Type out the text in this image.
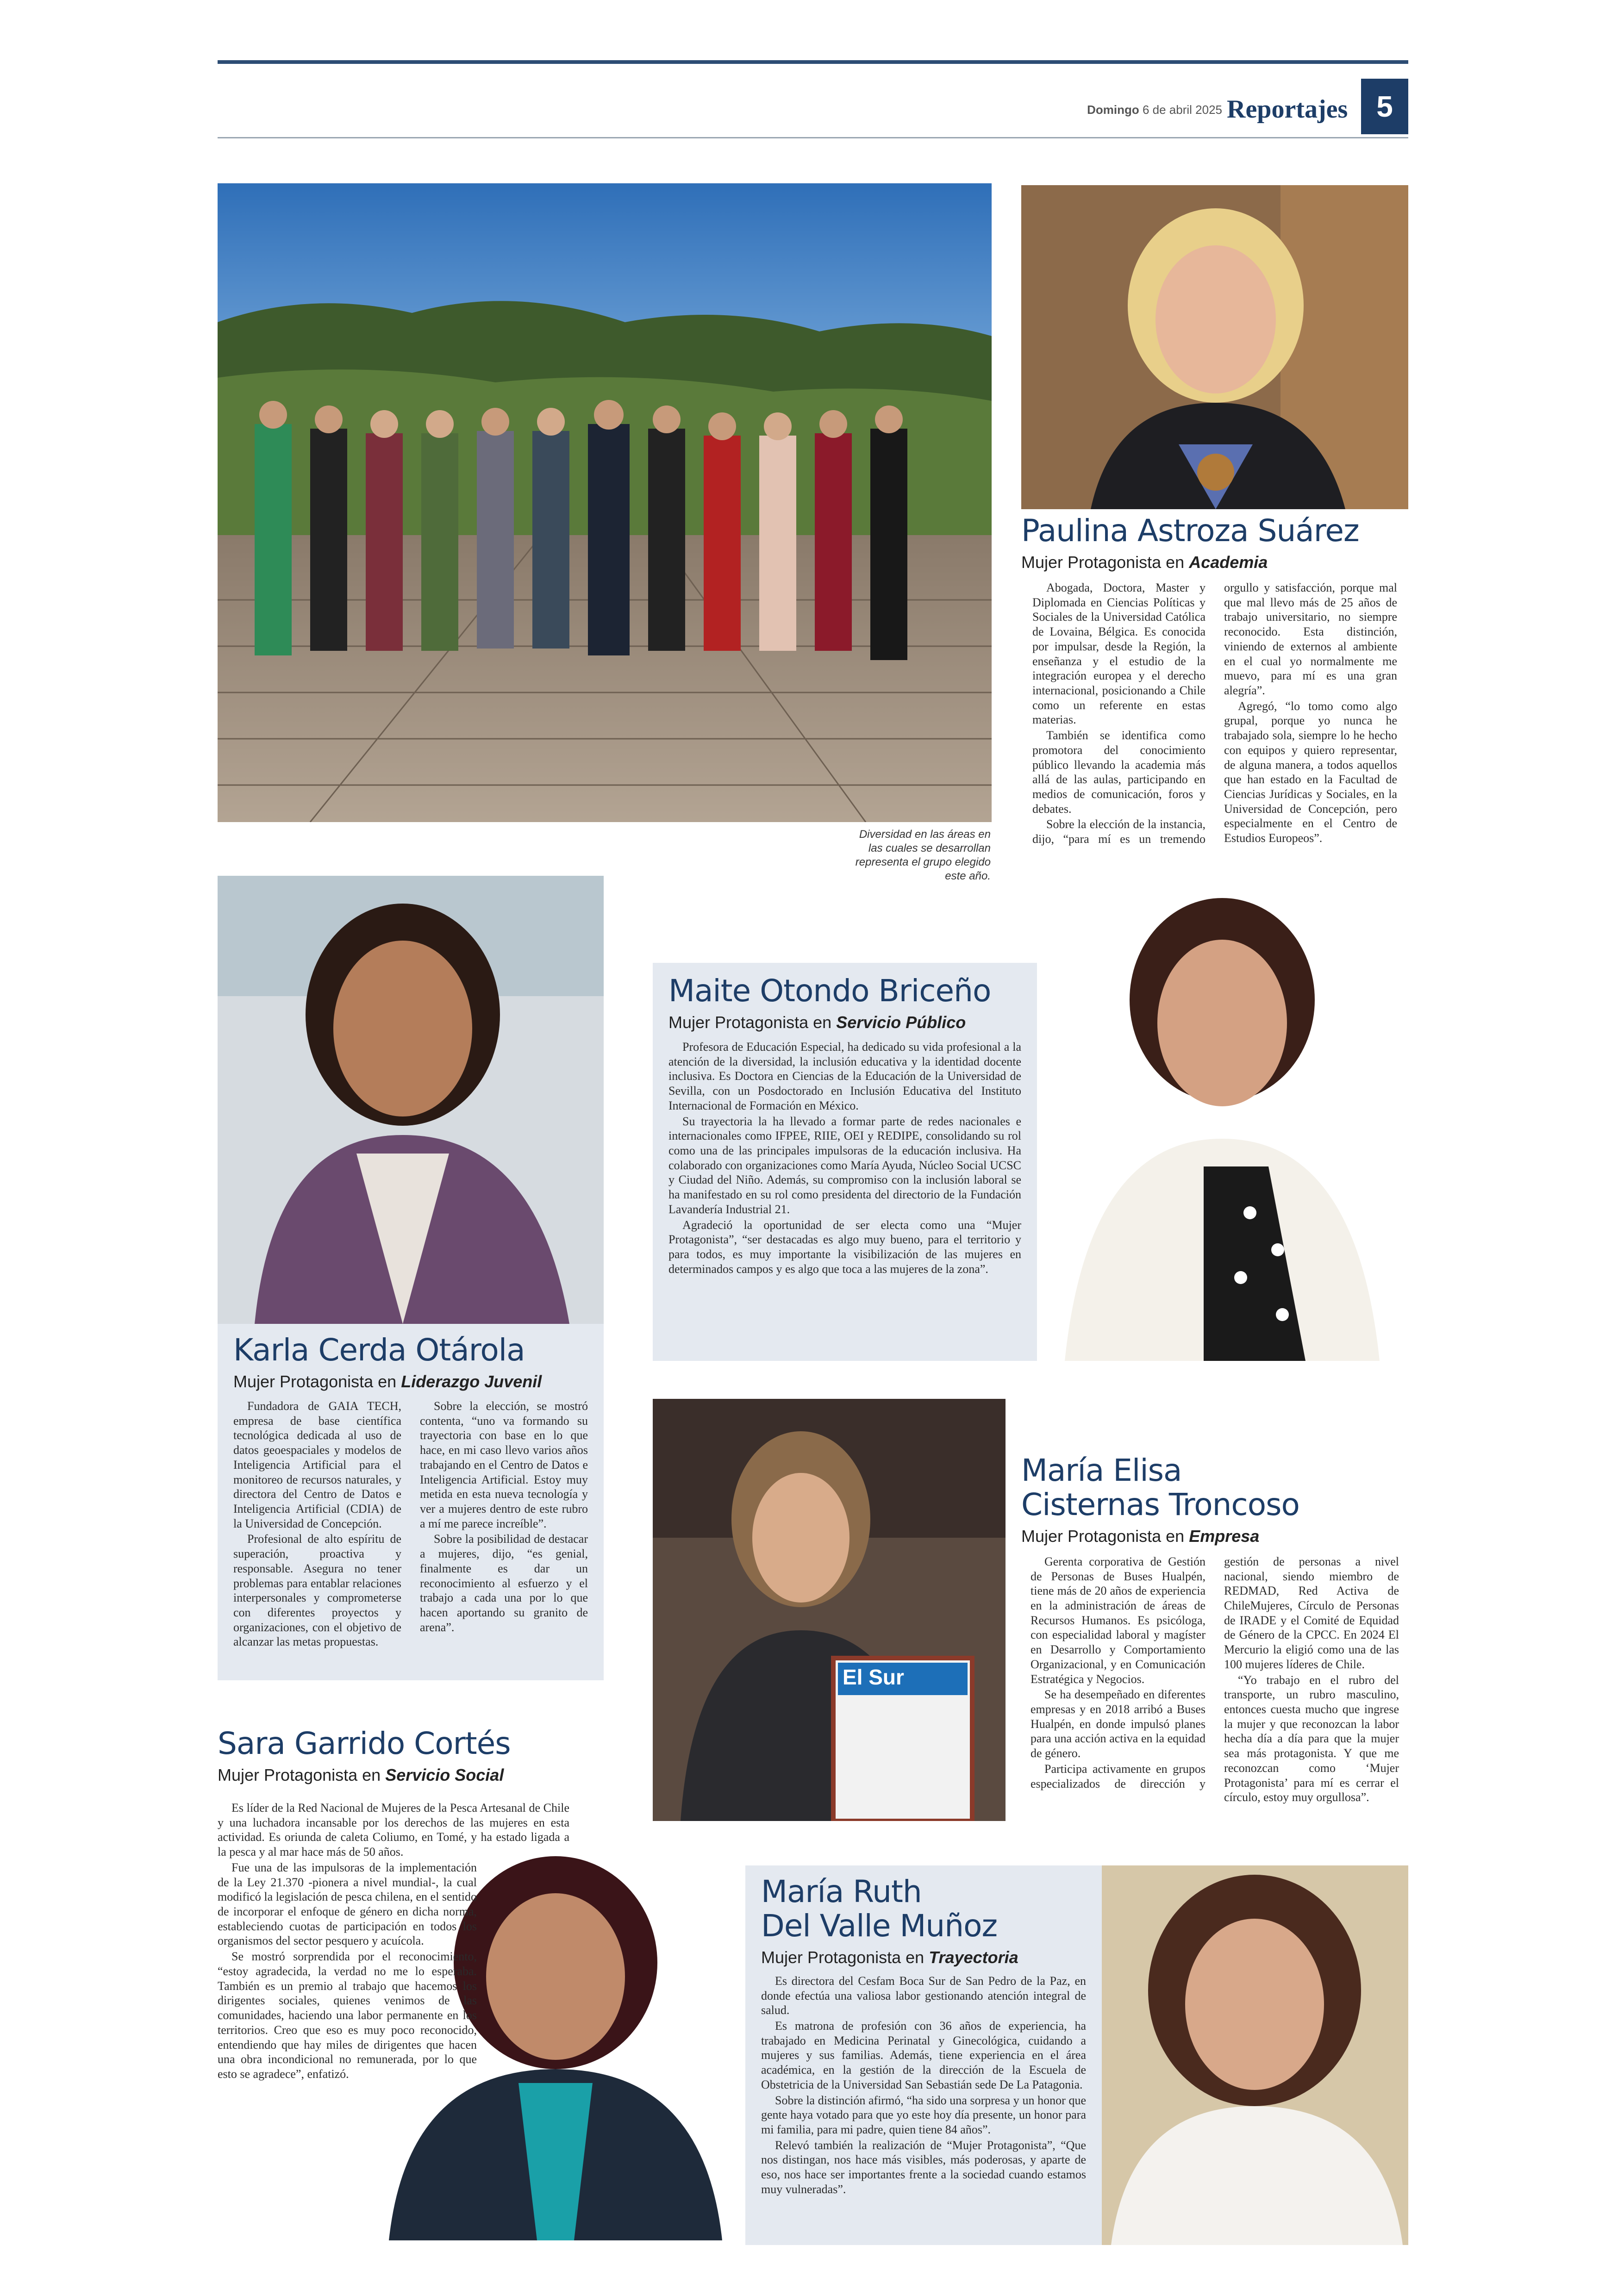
Domingo 6 de abril 2025 Reportajes 5
Diversidad en las áreas en las cuales se desarrollan representa el grupo elegido este año.
Paulina Astroza Suárez
Mujer Protagonista en Academia

Abogada, Doctora, Master y Diplomada en Ciencias Políticas y Sociales de la Universidad Católica de Lovaina, Bélgica. Es conocida por impulsar, desde la Región, la enseñanza y el estudio de la integración europea y el derecho internacional, posicionando a Chile como un referente en estas materias.

También se identifica como promotora del conocimiento público llevando la academia más allá de las aulas, participando en medios de comunicación, foros y debates.

Sobre la elección de la instancia, dijo, “para mí es un tremendo orgullo y satisfacción, porque mal que mal llevo más de 25 años de trabajo universitario, no siempre reconocido. Esta distinción, viniendo de externos al ambiente en el cual yo normalmente me muevo, para mí es una gran alegría”.

Agregó, “lo tomo como algo grupal, porque yo nunca he trabajado sola, siempre lo he hecho con equipos y quiero representar, de alguna manera, a todos aquellos que han estado en la Facultad de Ciencias Jurídicas y Sociales, en la Universidad de Concepción, pero especialmente en el Centro de Estudios Europeos”.

Karla Cerda Otárola
Mujer Protagonista en Liderazgo Juvenil

Fundadora de GAIA TECH, empresa de base científica tecnológica dedicada al uso de datos geoespaciales y modelos de Inteligencia Artificial para el monitoreo de recursos naturales, y directora del Centro de Datos e Inteligencia Artificial (CDIA) de la Universidad de Concepción.

Profesional de alto espíritu de superación, proactiva y responsable. Asegura no tener problemas para entablar relaciones interpersonales y comprometerse con diferentes proyectos y organizaciones, con el objetivo de alcanzar las metas propuestas.

Sobre la elección, se mostró contenta, “uno va formando su trayectoria con base en lo que hace, en mi caso llevo varios años trabajando en el Centro de Datos e Inteligencia Artificial. Estoy muy metida en esta nueva tecnología y ver a mujeres dentro de este rubro a mí me parece increíble”.

Sobre la posibilidad de destacar a mujeres, dijo, “es genial, finalmente es dar un reconocimiento al esfuerzo y el trabajo a cada una por lo que hacen aportando su granito de arena”.

Maite Otondo Briceño
Mujer Protagonista en Servicio Público

Profesora de Educación Especial, ha dedicado su vida profesional a la atención de la diversidad, la inclusión educativa y la identidad docente inclusiva. Es Doctora en Ciencias de la Educación de la Universidad de Sevilla, con un Posdoctorado en Inclusión Educativa del Instituto Internacional de Formación en México.

Su trayectoria la ha llevado a formar parte de redes nacionales e internacionales como IFPEE, RIIE, OEI y REDIPE, consolidando su rol como una de las principales impulsoras de la educación inclusiva. Ha colaborado con organizaciones como María Ayuda, Núcleo Social UCSC y Ciudad del Niño. Además, su compromiso con la inclusión laboral se ha manifestado en su rol como presidenta del directorio de la Fundación Lavandería Industrial 21.

Agradeció la oportunidad de ser electa como una “Mujer Protagonista”, “ser destacadas es algo muy bueno, para el territorio y para todos, es muy importante la visibilización de las mujeres en determinados campos y es algo que toca a las mujeres de la zona”.

El Sur
María Elisa
Cisternas Troncoso
Mujer Protagonista en Empresa

Gerenta corporativa de Gestión de Personas de Buses Hualpén, tiene más de 20 años de experiencia en la administración de áreas de Recursos Humanos. Es psicóloga, con especialidad laboral y magíster en Desarrollo y Comportamiento Organizacional, y en Comunicación Estratégica y Negocios.

Se ha desempeñado en diferentes empresas y en 2018 arribó a Buses Hualpén, en donde impulsó planes para una acción activa en la equidad de género.

Participa activamente en grupos especializados de dirección y gestión de personas a nivel nacional, siendo miembro de REDMAD, Red Activa de ChileMujeres, Círculo de Personas de IRADE y el Comité de Equidad de Género de la CPCC. En 2024 El Mercurio la eligió como una de las 100 mujeres líderes de Chile.

“Yo trabajo en el rubro del transporte, un rubro masculino, entonces cuesta mucho que ingrese la mujer y que reconozcan la labor hecha día a día para que la mujer sea más protagonista. Y que me reconozcan como ‘Mujer Protagonista’ para mí es cerrar el círculo, estoy muy orgullosa”.

Sara Garrido Cortés
Mujer Protagonista en Servicio Social

Es líder de la Red Nacional de Mujeres de la Pesca Artesanal de Chile y una luchadora incansable por los derechos de las mujeres en esta actividad. Es oriunda de caleta Coliumo, en Tomé, y ha estado ligada a la pesca y al mar hace más de 50 años.

Fue una de las impulsoras de la implementación de la Ley 21.370 -pionera a nivel mundial-, la cual modificó la legislación de pesca chilena, en el sentido de incorporar el enfoque de género en dicha norma, estableciendo cuotas de participación en todos los organismos del sector pesquero y acuícola.

Se mostró sorprendida por el reconocimiento, “estoy agradecida, la verdad no me lo esperaba. También es un premio al trabajo que hacemos los dirigentes sociales, quienes venimos de las comunidades, haciendo una labor permanente en los territorios. Creo que eso es muy poco reconocido, entendiendo que hay miles de dirigentes que hacen una obra incondicional no remunerada, por lo que esto se agradece”, enfatizó.

María Ruth
Del Valle Muñoz
Mujer Protagonista en Trayectoria

Es directora del Cesfam Boca Sur de San Pedro de la Paz, en donde efectúa una valiosa labor gestionando atención integral de salud.

Es matrona de profesión con 36 años de experiencia, ha trabajado en Medicina Perinatal y Ginecológica, cuidando a mujeres y sus familias. Además, tiene experiencia en el área académica, en la gestión de la dirección de la Escuela de Obstetricia de la Universidad San Sebastián sede De La Patagonia.

Sobre la distinción afirmó, “ha sido una sorpresa y un honor que gente haya votado para que yo este hoy día presente, un honor para mi familia, para mi padre, quien tiene 84 años”.

Relevó también la realización de “Mujer Protagonista”, “Que nos distingan, nos hace más visibles, más poderosas, y aparte de eso, nos hace ser importantes frente a la sociedad cuando estamos muy vulneradas”.
